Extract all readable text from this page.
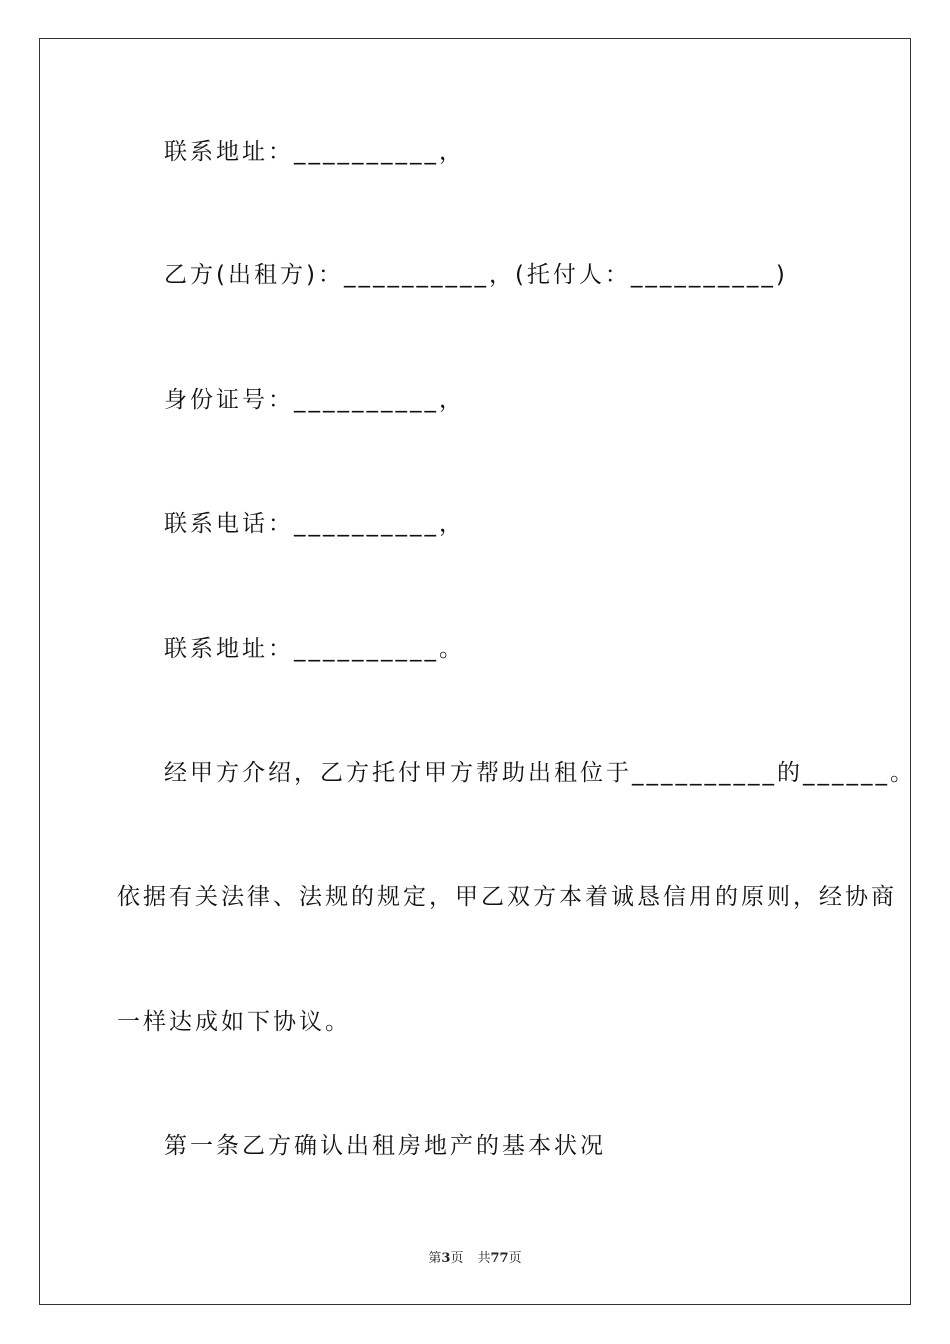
联系地址：__________，
乙方(出租方)：__________，(托付人：__________)
身份证号：__________，
联系电话：__________，
联系地址：__________。
经甲方介绍，乙方托付甲方帮助出租位于__________的______。
依据有关法律、法规的规定，甲乙双方本着诚恳信用的原则，经协商
一样达成如下协议。
第一条乙方确认出租房地产的基本状况
第3页 共77页
